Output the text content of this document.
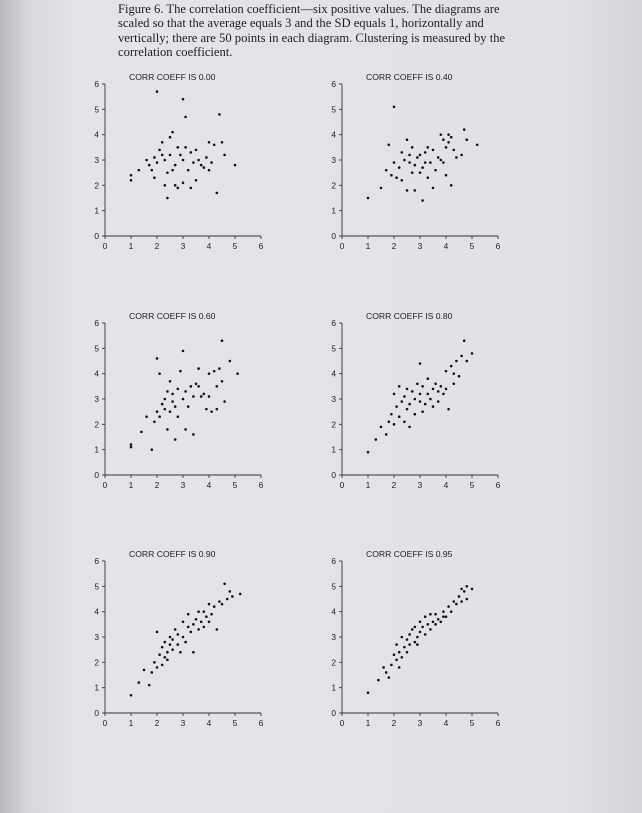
Figure 6. The correlation coefficient—six positive values. The diagrams are scaled so that the average equals 3 and the SD equals 1, horizontally and vertically; there are 50 points in each diagram. Clustering is measured by the correlation coefficient.
CORR COEFF IS 0.00
0	1	2	3	4	5	6
0
1
2
3
4
5
6
CORR COEFF IS 0.40
0	1	2	3	4	5	6
0
1
2
3
4
5
6
CORR COEFF IS 0.60
0	1	2	3	4	5	6
0
1
2
3
4
5
6
CORR COEFF IS 0.80
0	1	2	3	4	5	6
0
1
2
3
4
5
6
CORR COEFF IS 0.90
0	1	2	3	4	5	6
0
1
2
3
4
5
6
CORR COEFF IS 0.95
0	1	2	3	4	5	6
0
1
2
3
4
5
6
